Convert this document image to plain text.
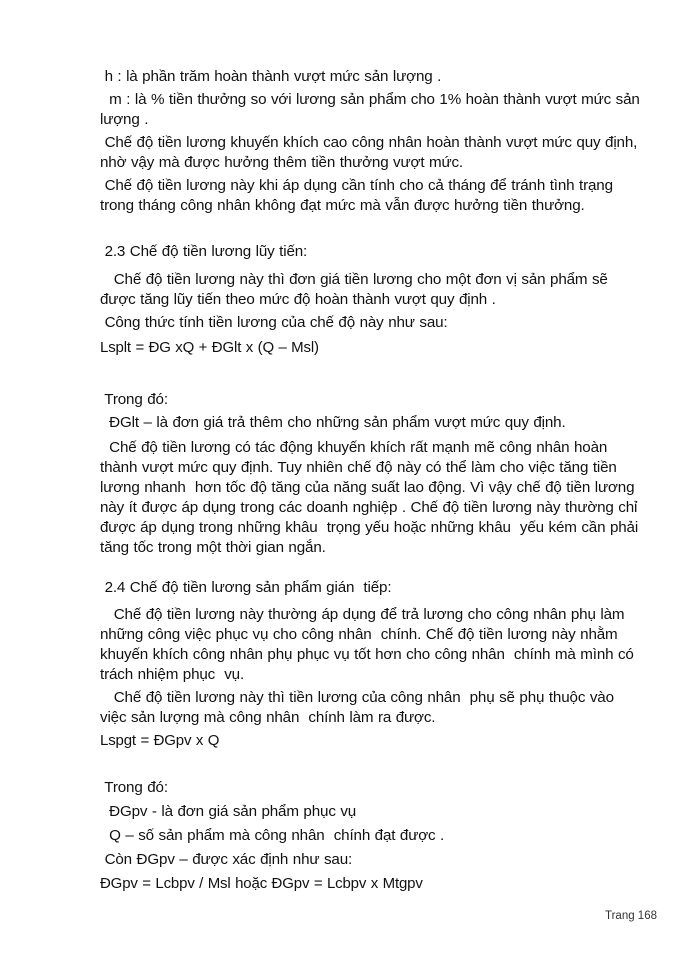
h : là phần trăm hoàn thành vượt mức sản lượng .
m : là % tiền thưởng so với lương sản phẩm cho 1% hoàn thành vượt mức sản
lượng .
Chế độ tiền lương khuyến khích cao công nhân hoàn thành vượt mức quy định,
nhờ vậy mà được hưởng thêm tiền thưởng vượt mức.
Chế độ tiền lương này khi áp dụng cần tính cho cả tháng để tránh tình trạng
trong tháng công nhân không đạt mức mà vẫn được hưởng tiền thưởng.
2.3 Chế độ tiền lương lũy tiến:
Chế độ tiền lương này thì đơn giá tiền lương cho một đơn vị sản phẩm sẽ
được tăng lũy tiến theo mức độ hoàn thành vượt quy định .
Công thức tính tiền lương của chế độ này như sau:
Lsplt = ĐG xQ + ĐGlt x (Q – Msl)
Trong đó:
ĐGlt – là đơn giá trả thêm cho những sản phẩm vượt mức quy định.
Chế độ tiền lương có tác động khuyến khích rất mạnh mẽ công nhân hoàn
thành vượt mức quy định. Tuy nhiên chế độ này có thể làm cho việc tăng tiền
lương nhanh  hơn tốc độ tăng của năng suất lao động. Vì vậy chế độ tiền lương
này ít được áp dụng trong các doanh nghiệp . Chế độ tiền lương này thường chỉ
được áp dụng trong những khâu  trọng yếu hoặc những khâu  yếu kém cần phải
tăng tốc trong một thời gian ngắn.
2.4 Chế độ tiền lương sản phẩm gián  tiếp:
Chế độ tiền lương này thường áp dụng để trả lương cho công nhân phụ làm
những công việc phục vụ cho công nhân  chính. Chế độ tiền lương này nhằm
khuyến khích công nhân phụ phục vụ tốt hơn cho công nhân  chính mà mình có
trách nhiệm phục  vụ.
Chế độ tiền lương này thì tiền lương của công nhân  phụ sẽ phụ thuộc vào
việc sản lượng mà công nhân  chính làm ra được.
Lspgt = ĐGpv x Q
Trong đó:
ĐGpv - là đơn giá sản phẩm phục vụ
Q – số sản phẩm mà công nhân  chính đạt được .
Còn ĐGpv – được xác định như sau:
ĐGpv = Lcbpv / Msl hoặc ĐGpv = Lcbpv x Mtgpv
Trang 168
